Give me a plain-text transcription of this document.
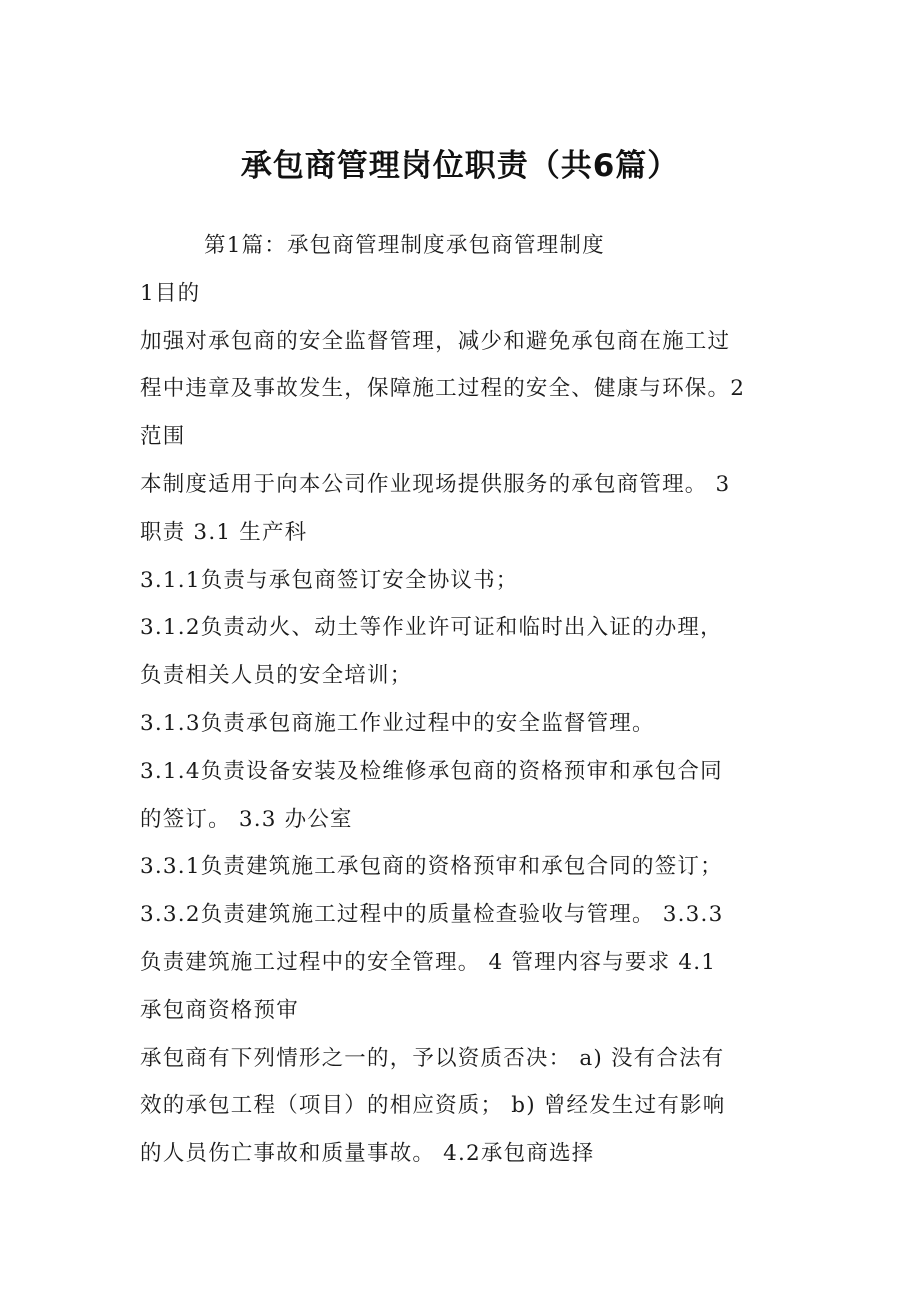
承包商管理岗位职责（共6篇）
第1篇：承包商管理制度承包商管理制度
1目的
加强对承包商的安全监督管理，减少和避免承包商在施工过
程中违章及事故发生，保障施工过程的安全、健康与环保。2
范围
本制度适用于向本公司作业现场提供服务的承包商管理。 3
职责 3.1 生产科
3.1.1负责与承包商签订安全协议书；
3.1.2负责动火、动土等作业许可证和临时出入证的办理，
负责相关人员的安全培训；
3.1.3负责承包商施工作业过程中的安全监督管理。
3.1.4负责设备安装及检维修承包商的资格预审和承包合同
的签订。 3.3 办公室
3.3.1负责建筑施工承包商的资格预审和承包合同的签订；
3.3.2负责建筑施工过程中的质量检查验收与管理。 3.3.3
负责建筑施工过程中的安全管理。 4 管理内容与要求 4.1
承包商资格预审
承包商有下列情形之一的，予以资质否决： a) 没有合法有
效的承包工程（项目）的相应资质； b) 曾经发生过有影响
的人员伤亡事故和质量事故。 4.2承包商选择
